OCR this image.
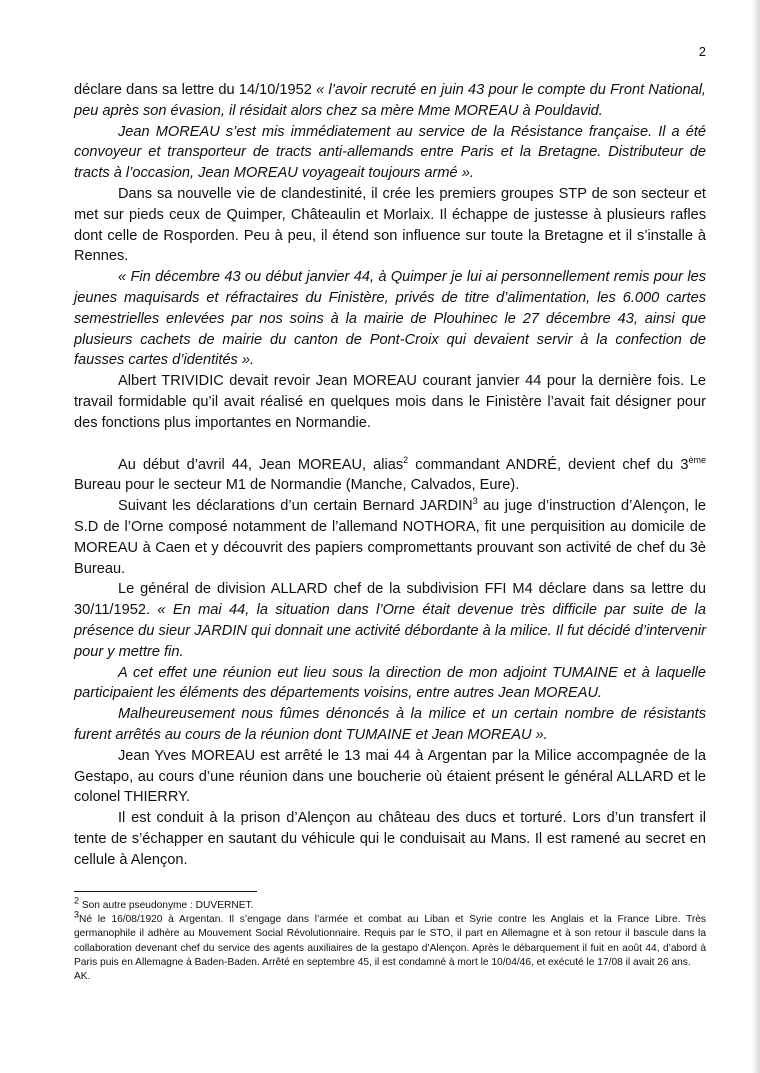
2

déclare dans sa lettre du 14/10/1952 « l’avoir recruté en juin 43 pour le compte du Front National, peu après son évasion, il résidait alors chez sa mère Mme MOREAU à Pouldavid.

Jean MOREAU s’est mis immédiatement au service de la Résistance française. Il a été convoyeur et transporteur de tracts anti-allemands entre Paris et la Bretagne. Distributeur de tracts à l’occasion, Jean MOREAU voyageait toujours armé ».

Dans sa nouvelle vie de clandestinité, il crée les premiers groupes STP de son secteur et met sur pieds ceux de Quimper, Châteaulin et Morlaix. Il échappe de justesse à plusieurs rafles dont celle de Rosporden. Peu à peu, il étend son influence sur toute la Bretagne et il s’installe à Rennes.

« Fin décembre 43 ou début janvier 44, à Quimper je lui ai personnellement remis pour les jeunes maquisards et réfractaires du Finistère, privés de titre d’alimentation, les 6.000 cartes semestrielles enlevées par nos soins à la mairie de Plouhinec le 27 décembre 43, ainsi que plusieurs cachets de mairie du canton de Pont-Croix qui devaient servir à la confection de fausses cartes d’identités ».

Albert TRIVIDIC devait revoir Jean MOREAU courant janvier 44 pour la dernière fois. Le travail formidable qu’il avait réalisé en quelques mois dans le Finistère l’avait fait désigner pour des fonctions plus importantes en Normandie.

Au début d’avril 44, Jean MOREAU, alias$^2$ commandant ANDRÉ, devient chef du 3ème Bureau pour le secteur M1 de Normandie (Manche, Calvados, Eure).

Suivant les déclarations d’un certain Bernard JARDIN$^3$ au juge d’instruction d’Alençon, le S.D de l’Orne composé notamment de l’allemand NOTHORA, fit une perquisition au domicile de MOREAU à Caen et y découvrit des papiers compromettants prouvant son activité de chef du 3è Bureau.

Le général de division ALLARD chef de la subdivision FFI M4 déclare dans sa lettre du 30/11/1952. « En mai 44, la situation dans l’Orne était devenue très difficile par suite de la présence du sieur JARDIN qui donnait une activité débordante à la milice. Il fut décidé d’intervenir pour y mettre fin.

A cet effet une réunion eut lieu sous la direction de mon adjoint TUMAINE et à laquelle participaient les éléments des départements voisins, entre autres Jean MOREAU.

Malheureusement nous fûmes dénoncés à la milice et un certain nombre de résistants furent arrêtés au cours de la réunion dont TUMAINE et Jean MOREAU ».

Jean Yves MOREAU est arrêté le 13 mai 44 à Argentan par la Milice accompagnée de la Gestapo, au cours d’une réunion dans une boucherie où étaient présent le général ALLARD et le colonel THIERRY.

Il est conduit à la prison d’Alençon au château des ducs et torturé. Lors d’un transfert il tente de s’échapper en sautant du véhicule qui le conduisait au Mans. Il est ramené au secret en cellule à Alençon.

$^2$ Son autre pseudonyme : DUVERNET.

$^3$Né le 16/08/1920 à Argentan. Il s’engage dans l’armée et combat au Liban et Syrie contre les Anglais et la France Libre. Très germanophile il adhère au Mouvement Social Révolutionnaire. Requis par le STO, il part en Allemagne et à son retour il bascule dans la collaboration devenant chef du service des agents auxiliaires de la gestapo d’Alençon. Après le débarquement il fuit en août 44, d’abord à Paris puis en Allemagne à Baden-Baden. Arrêté en septembre 45, il est condamné à mort le 10/04/46, et exécuté le 17/08 il avait 26 ans.

AK.
